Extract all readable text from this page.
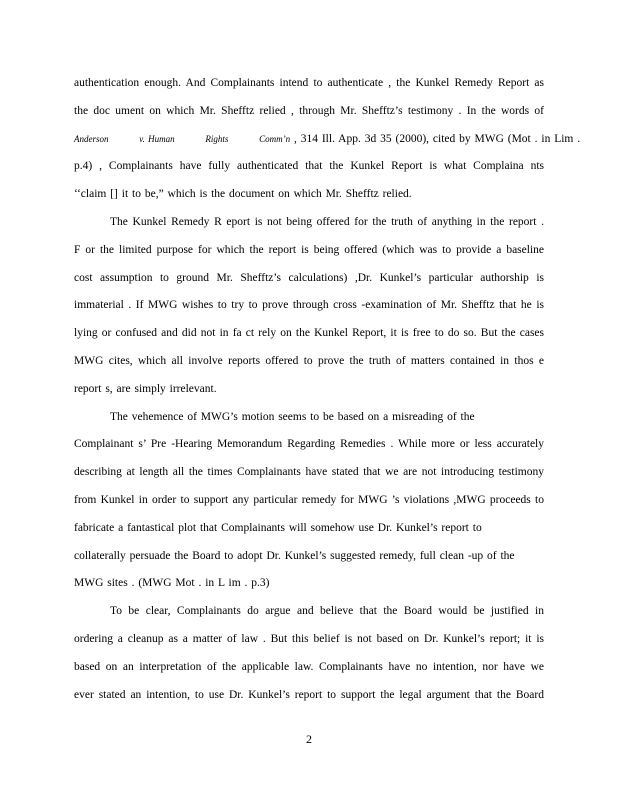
authentication enough. And Complainants intend to authenticate , the Kunkel Remedy Report as
the doc ument on which Mr. Shefftz relied , through Mr. Shefftz’s testimony . In the words of
Anderson   	v. Human   	Rights   	Comm’n , 314 Ill. App. 3d 35 (2000), cited by MWG (Mot . in Lim .
p.4) , Complainants have fully authenticated that the Kunkel Report is what Complaina nts
‘‘claim [] it to be,” which is the document on which Mr. Shefftz relied.
The Kunkel Remedy R eport is not being offered for the truth of anything in the report .
F or the limited purpose for which the report is being offered (which was to provide a baseline
cost assumption to ground Mr. Shefftz’s calculations) ,Dr. Kunkel’s particular authorship is
immaterial . If MWG wishes to try to prove through cross -examination of Mr. Shefftz that he is
lying or confused and did not in fa ct rely on the Kunkel Report, it is free to do so. But the cases
MWG cites, which all involve reports offered to prove the truth of matters contained in thos e
report s, are simply irrelevant.
The vehemence of MWG’s motion seems to be based on a misreading of the
Complainant s’ Pre -Hearing Memorandum Regarding Remedies . While more or less accurately
describing at length all the times Complainants have stated that we are not introducing testimony
from Kunkel in order to support any particular remedy for MWG ’s violations ,MWG proceeds to
fabricate a fantastical plot that Complainants will somehow use Dr. Kunkel’s report to
collaterally persuade the Board to adopt Dr. Kunkel’s suggested remedy, full clean -up of the
MWG sites . (MWG Mot . in L im . p.3)
To be clear, Complainants do argue and believe that the Board would be justified in
ordering a cleanup as a matter of law . But this belief is not based on Dr. Kunkel’s report; it is
based on an interpretation of the applicable law. Complainants have no intention, nor have we
ever stated an intention, to use Dr. Kunkel’s report to support the legal argument that the Board
2
